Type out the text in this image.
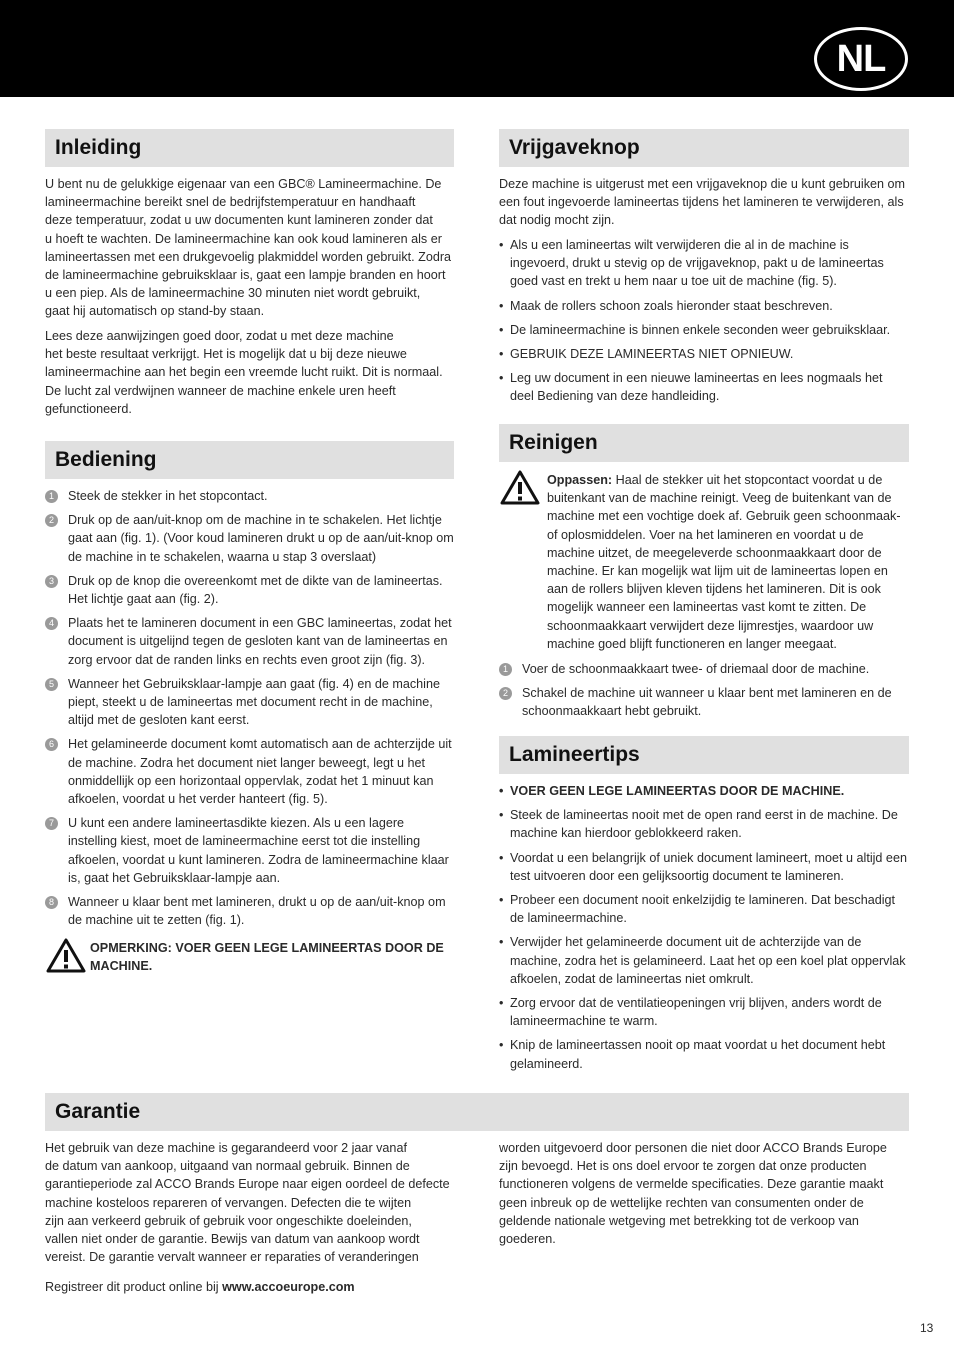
NL
Inleiding
U bent nu de gelukkige eigenaar van een GBC® Lamineermachine. De
lamineermachine bereikt snel de bedrijfstemperatuur en handhaaft
deze temperatuur, zodat u uw documenten kunt lamineren zonder dat
u hoeft te wachten. De lamineermachine kan ook koud lamineren als er
lamineertassen met een drukgevoelig plakmiddel worden gebruikt. Zodra
de lamineermachine gebruiksklaar is, gaat een lampje branden en hoort
u een piep. Als de lamineermachine 30 minuten niet wordt gebruikt,
gaat hij automatisch op stand-by staan.
Lees deze aanwijzingen goed door, zodat u met deze machine
het beste resultaat verkrijgt. Het is mogelijk dat u bij deze nieuwe
lamineermachine aan het begin een vreemde lucht ruikt. Dit is normaal.
De lucht zal verdwijnen wanneer de machine enkele uren heeft
gefunctioneerd.
Bediening
1	Steek de stekker in het stopcontact.
2	Druk op de aan/uit-knop om de machine in te schakelen. Het lichtje gaat aan (fig. 1). (Voor koud lamineren drukt u op de aan/uit-knop om de machine in te schakelen, waarna u stap 3 overslaat)
3	Druk op de knop die overeenkomt met de dikte van de lamineertas. Het lichtje gaat aan (fig. 2).
4	Plaats het te lamineren document in een GBC lamineertas, zodat het document is uitgelijnd tegen de gesloten kant van de lamineertas en zorg ervoor dat de randen links en rechts even groot zijn (fig. 3).
5	Wanneer het Gebruiksklaar-lampje aan gaat (fig. 4) en de machine piept, steekt u de lamineertas met document recht in de machine, altijd met de gesloten kant eerst.
6	Het gelamineerde document komt automatisch aan de achterzijde uit de machine. Zodra het document niet langer beweegt, legt u het onmiddellijk op een horizontaal oppervlak, zodat het 1 minuut kan afkoelen, voordat u het verder hanteert (fig. 5).
7	U kunt een andere lamineertasdikte kiezen. Als u een lagere instelling kiest, moet de lamineermachine eerst tot die instelling afkoelen, voordat u kunt lamineren. Zodra de lamineermachine klaar is, gaat het Gebruiksklaar-lampje aan.
8	Wanneer u klaar bent met lamineren, drukt u op de aan/uit-knop om de machine uit te zetten (fig. 1).
OPMERKING: VOER GEEN LEGE LAMINEERTAS DOOR DE
MACHINE.
Vrijgaveknop
Deze machine is uitgerust met een vrijgaveknop die u kunt gebruiken om een fout ingevoerde lamineertas tijdens het lamineren te verwijderen, als dat nodig mocht zijn.
• Als u een lamineertas wilt verwijderen die al in de machine is ingevoerd, drukt u stevig op de vrijgaveknop, pakt u de lamineertas goed vast en trekt u hem naar u toe uit de machine (fig. 5).
• Maak de rollers schoon zoals hieronder staat beschreven.
• De lamineermachine is binnen enkele seconden weer gebruiksklaar.
• GEBRUIK DEZE LAMINEERTAS NIET OPNIEUW.
• Leg uw document in een nieuwe lamineertas en lees nogmaals het deel Bediening van deze handleiding.
Reinigen
Oppassen: Haal de stekker uit het stopcontact voordat u de buitenkant van de machine reinigt. Veeg de buitenkant van de machine met een vochtige doek af. Gebruik geen schoonmaak- of oplosmiddelen. Voer na het lamineren en voordat u de machine uitzet, de meegeleverde schoonmaakkaart door de machine. Er kan mogelijk wat lijm uit de lamineertas lopen en aan de rollers blijven kleven tijdens het lamineren. Dit is ook mogelijk wanneer een lamineertas vast komt te zitten. De schoonmaakkaart verwijdert deze lijmrestjes, waardoor uw machine goed blijft functioneren en langer meegaat.
1	Voer de schoonmaakkaart twee- of driemaal door de machine.
2	Schakel de machine uit wanneer u klaar bent met lamineren en de schoonmaakkaart hebt gebruikt.
Lamineertips
• VOER GEEN LEGE LAMINEERTAS DOOR DE MACHINE.
• Steek de lamineertas nooit met de open rand eerst in de machine. De machine kan hierdoor geblokkeerd raken.
• Voordat u een belangrijk of uniek document lamineert, moet u altijd een test uitvoeren door een gelijksoortig document te lamineren.
• Probeer een document nooit enkelzijdig te lamineren. Dat beschadigt de lamineermachine.
• Verwijder het gelamineerde document uit de achterzijde van de machine, zodra het is gelamineerd. Laat het op een koel plat oppervlak afkoelen, zodat de lamineertas niet omkrult.
• Zorg ervoor dat de ventilatieopeningen vrij blijven, anders wordt de lamineermachine te warm.
• Knip de lamineertassen nooit op maat voordat u het document hebt gelamineerd.
Garantie
Het gebruik van deze machine is gegarandeerd voor 2 jaar vanaf
de datum van aankoop, uitgaand van normaal gebruik. Binnen de
garantieperiode zal ACCO Brands Europe naar eigen oordeel de defecte
machine kosteloos repareren of vervangen. Defecten die te wijten
zijn aan verkeerd gebruik of gebruik voor ongeschikte doeleinden,
vallen niet onder de garantie. Bewijs van datum van aankoop wordt
vereist. De garantie vervalt wanneer er reparaties of veranderingen
worden uitgevoerd door personen die niet door ACCO Brands Europe
zijn bevoegd. Het is ons doel ervoor te zorgen dat onze producten
functioneren volgens de vermelde specificaties. Deze garantie maakt
geen inbreuk op de wettelijke rechten van consumenten onder de
geldende nationale wetgeving met betrekking tot de verkoop van
goederen.
Registreer dit product online bij www.accoeurope.com
13
